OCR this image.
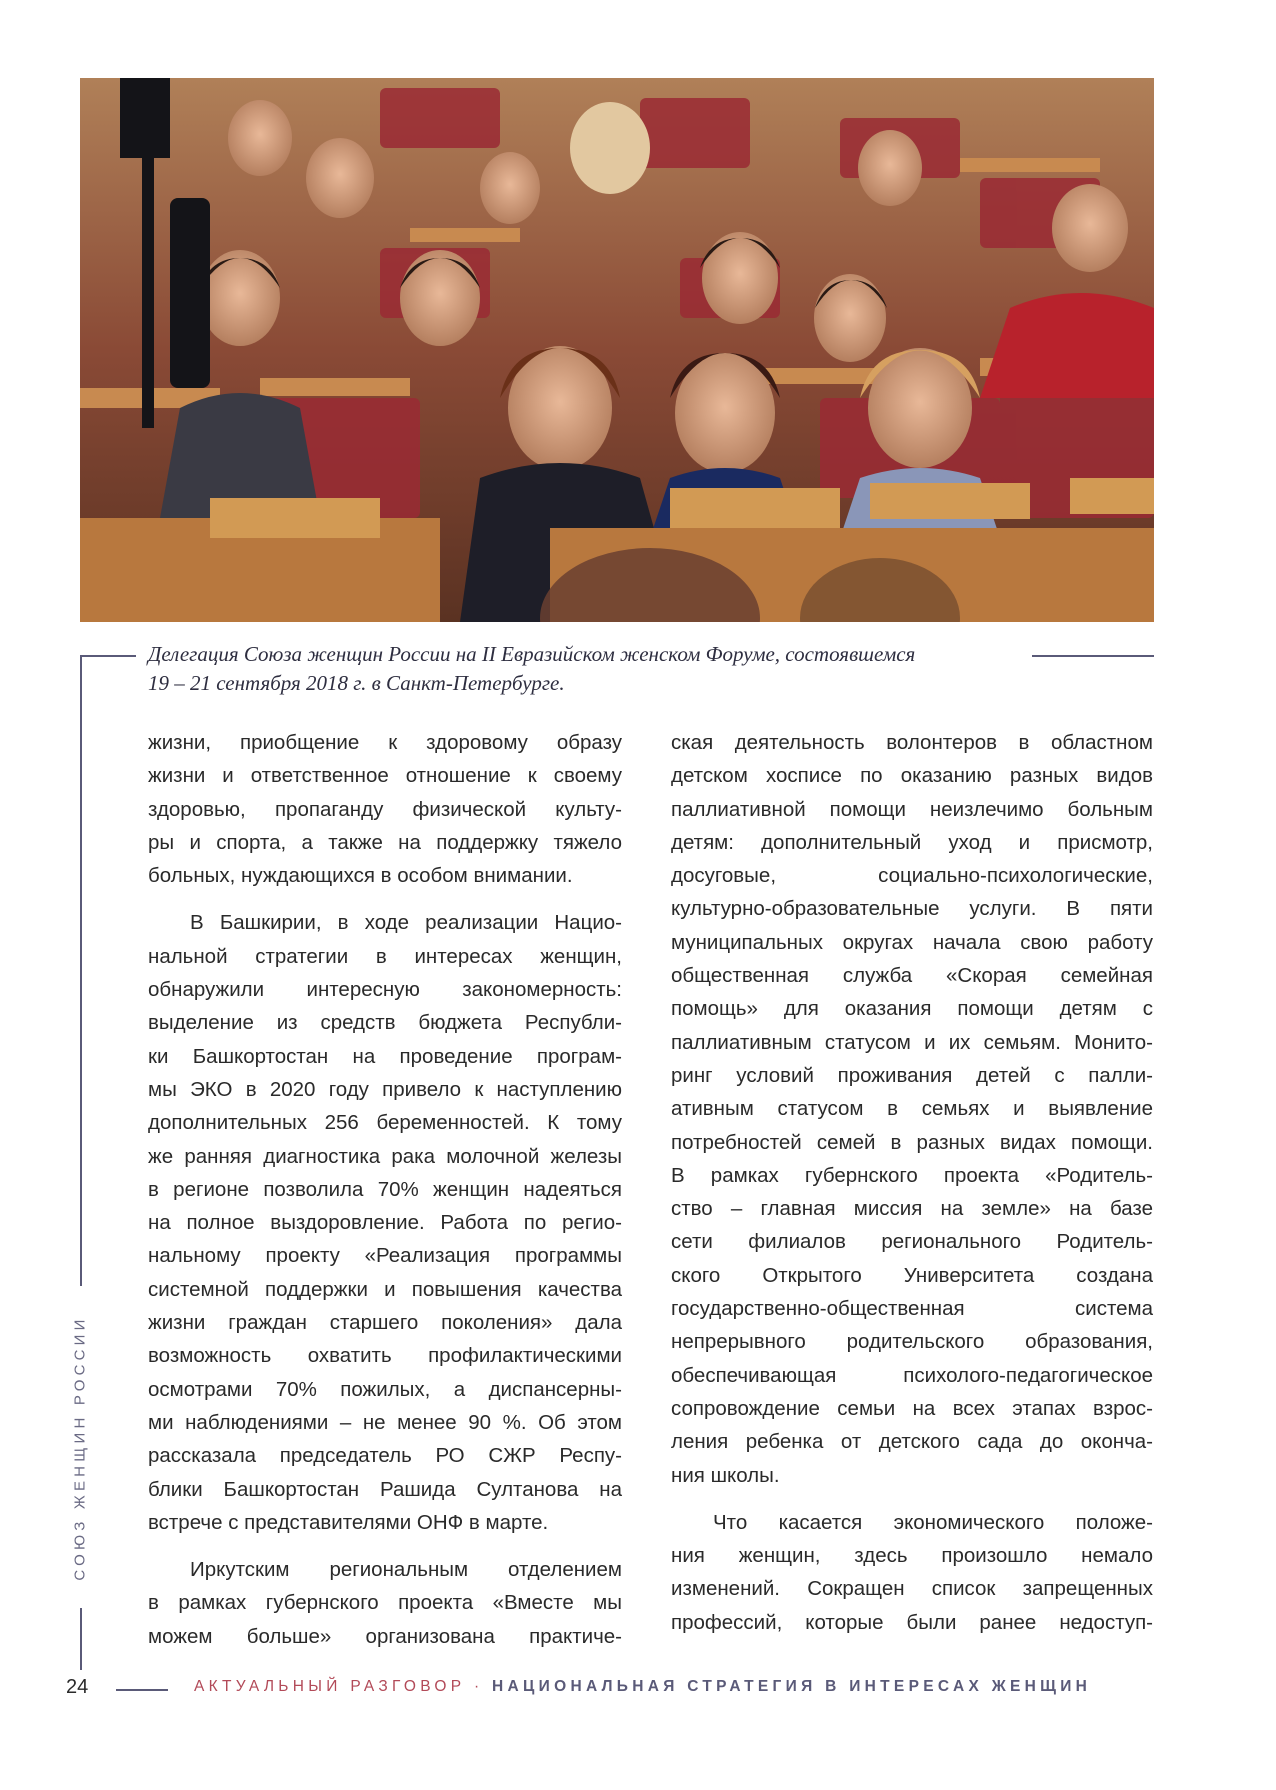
Делегация Союза женщин России на II Евразийском женском Форуме, состоявшемся
19 – 21 сентября 2018 г. в Санкт-Петербурге.
СОЮЗ ЖЕНЩИН РОССИИ

жизни, приобщение к здоровому образу
жизни и ответственное отношение к своему
здоровью, пропаганду физической культу-
ры и спорта, а также на поддержку тяжело
больных, нуждающихся в особом внимании.

В Башкирии, в ходе реализации Нацио-
нальной стратегии в интересах женщин,
обнаружили интересную закономерность:
выделение из средств бюджета Республи-
ки Башкортостан на проведение програм-
мы ЭКО в 2020 году привело к наступлению
дополнительных 256 беременностей. К тому
же ранняя диагностика рака молочной железы
в регионе позволила 70% женщин надеяться
на полное выздоровление. Работа по регио-
нальному проекту «Реализация программы
системной поддержки и повышения качества
жизни граждан старшего поколения» дала
возможность охватить профилактическими
осмотрами 70% пожилых, а диспансерны-
ми наблюдениями – не менее 90 %. Об этом
рассказала председатель РО СЖР Респу-
блики Башкортостан Рашида Султанова на
встрече с представителями ОНФ в марте.

Иркутским региональным отделением
в рамках губернского проекта «Вместе мы
можем больше» организована практиче-

ская деятельность волонтеров в областном
детском хосписе по оказанию разных видов
паллиативной помощи неизлечимо больным
детям: дополнительный уход и присмотр,
досуговые, социально-психологические,
культурно-образовательные услуги. В пяти
муниципальных округах начала свою работу
общественная служба «Скорая семейная
помощь» для оказания помощи детям с
паллиативным статусом и их семьям. Монито-
ринг условий проживания детей с палли-
ативным статусом в семьях и выявление
потребностей семей в разных видах помощи.
В рамках губернского проекта «Родитель-
ство – главная миссия на земле» на базе
сети филиалов регионального Родитель-
ского Открытого Университета создана
государственно-общественная система
непрерывного родительского образования,
обеспечивающая психолого-педагогическое
сопровождение семьи на всех этапах взрос-
ления ребенка от детского сада до оконча-
ния школы.

Что касается экономического положе-
ния женщин, здесь произошло немало
изменений. Сокращен список запрещенных
профессий, которые были ранее недоступ-

24	АКТУАЛЬНЫЙ РАЗГОВОР · НАЦИОНАЛЬНАЯ СТРАТЕГИЯ В ИНТЕРЕСАХ ЖЕНЩИН
